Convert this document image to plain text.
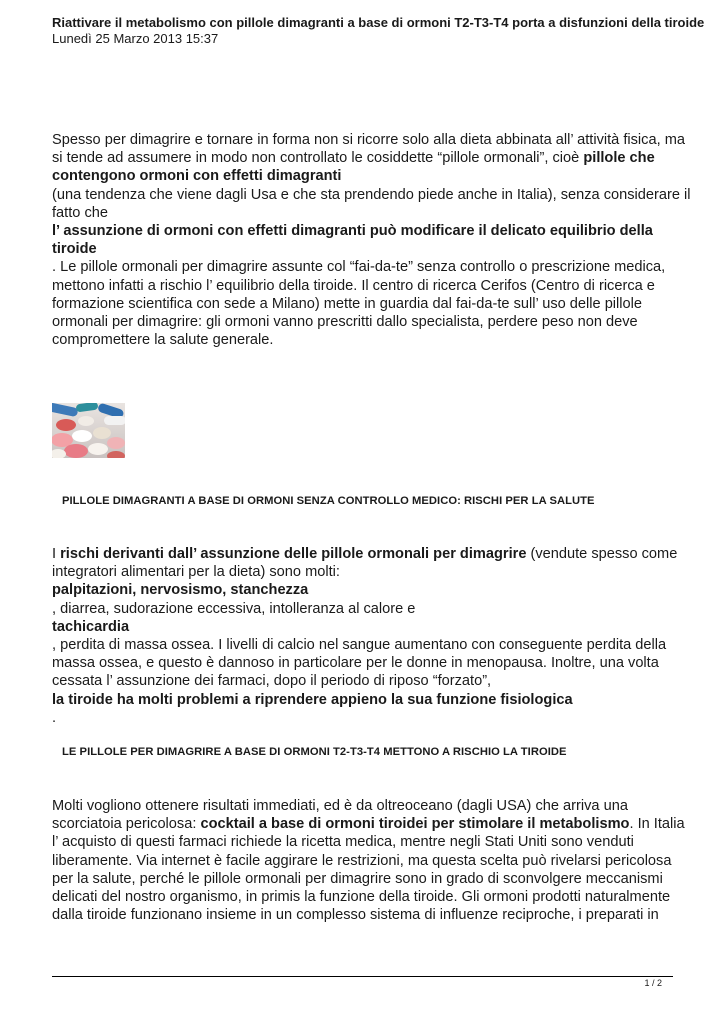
Riattivare il metabolismo con pillole dimagranti a base di ormoni T2-T3-T4 porta a disfunzioni della tiroide
Lunedì 25 Marzo 2013 15:37
Spesso per dimagrire e tornare in forma non si ricorre solo alla dieta abbinata all’ attività fisica, ma si tende ad assumere in modo non controllato le cosiddette “pillole ormonali”, cioè pillole che contengono ormoni con effetti dimagranti
(una tendenza che viene dagli Usa e che sta prendendo piede anche in Italia), senza considerare il fatto che
l’ assunzione di ormoni con effetti dimagranti può modificare il delicato equilibrio della tiroide
. Le pillole ormonali per dimagrire assunte col “fai-da-te” senza controllo o prescrizione medica, mettono infatti a rischio l’ equilibrio della tiroide. Il centro di ricerca Cerifos (Centro di ricerca e formazione scientifica con sede a Milano) mette in guardia dal fai-da-te sull’ uso delle pillole ormonali per dimagrire: gli ormoni vanno prescritti dallo specialista, perdere peso non deve compromettere la salute generale.
PILLOLE DIMAGRANTI A BASE DI ORMONI SENZA CONTROLLO MEDICO: RISCHI PER LA SALUTE
I rischi derivanti dall’ assunzione delle pillole ormonali per dimagrire (vendute spesso come integratori alimentari per la dieta) sono molti:
palpitazioni, nervosismo, stanchezza
, diarrea, sudorazione eccessiva, intolleranza al calore e
tachicardia
, perdita di massa ossea. I livelli di calcio nel sangue aumentano con conseguente perdita della massa ossea, e questo è dannoso in particolare per le donne in menopausa. Inoltre, una volta cessata l’ assunzione dei farmaci, dopo il periodo di riposo “forzato”,
la tiroide ha molti problemi a riprendere appieno la sua funzione fisiologica
.
LE PILLOLE PER DIMAGRIRE A BASE DI ORMONI T2-T3-T4 METTONO A RISCHIO LA TIROIDE
Molti vogliono ottenere risultati immediati, ed è da oltreoceano (dagli USA) che arriva una scorciatoia pericolosa: cocktail a base di ormoni tiroidei per stimolare il metabolismo. In Italia l’ acquisto di questi farmaci richiede la ricetta medica, mentre negli Stati Uniti sono venduti liberamente. Via internet è facile aggirare le restrizioni, ma questa scelta può rivelarsi pericolosa per la salute, perché le pillole ormonali per dimagrire sono in grado di sconvolgere meccanismi delicati del nostro organismo, in primis la funzione della tiroide. Gli ormoni prodotti naturalmente dalla tiroide funzionano insieme in un complesso sistema di influenze reciproche, i preparati in
1 / 2
